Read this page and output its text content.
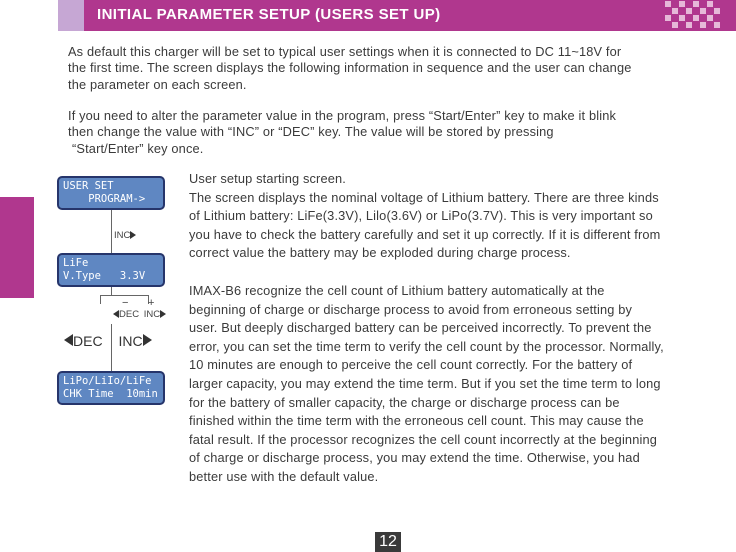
INITIAL PARAMETER SETUP (USERS SET UP)
As default this charger will be set to typical user settings when it is connected to DC 11~18V for
the first time. The screen displays the following information in sequence and the user can change
the parameter on each screen.
If you need to alter the parameter value in the program, press “Start/Enter” key to make it blink
then change the value with “INC” or “DEC” key. The value will be stored by pressing
“Start/Enter” key once.
USER SET
PROGRAM->
LiFe
V.Type   3.3V
LiPo/LiIo/LiFe
CHK Time  10min
INC
− +
DEC INC
DEC INC
User setup starting screen.
The screen displays the nominal voltage of Lithium battery. There are three kinds
of Lithium battery: LiFe(3.3V), Lilo(3.6V) or LiPo(3.7V). This is very important so
you have to check the battery carefully and set it up correctly. If it is different from
correct value the battery may be exploded during charge process.
IMAX-B6 recognize the cell count of Lithium battery automatically at the
beginning of charge or discharge process to avoid from erroneous setting by
user. But deeply discharged battery can be perceived incorrectly. To prevent the
error, you can set the time term to verify the cell count by the processor. Normally,
10 minutes are enough to perceive the cell count correctly. For the battery of
larger capacity, you may extend the time term. But if you set the time term to long
for the battery of smaller capacity, the charge or discharge process can be
finished within the time term with the erroneous cell count. This may cause the
fatal result. If the processor recognizes the cell count incorrectly at the beginning
of charge or discharge process, you may extend the time. Otherwise, you had
better use with the default value.
12
